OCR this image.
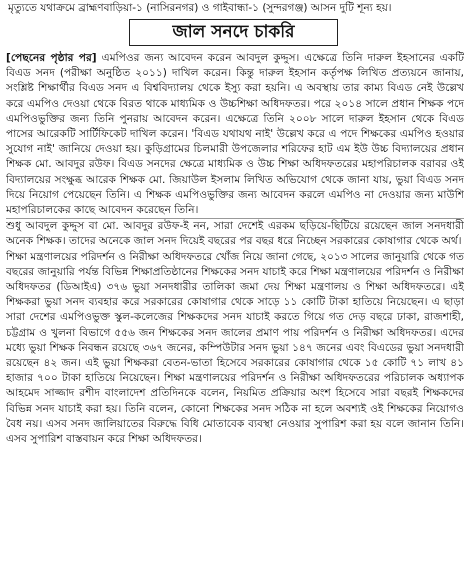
মৃত্যুতে যথাক্রমে ব্রাহ্মণবাড়িয়া-১ (নাসিরনগর) ও গাইবান্ধা-১ (সুন্দরগঞ্জ) আসন দুটি শূন্য হয়।
জাল সনদে চাকরি

[পেছনের পৃষ্ঠার পর] এমপিওর জন্য আবেদন করেন আবদুল কুদ্দুস। এক্ষেত্রে তিনি দারুল ইহসানের একটি বিএড সনদ (পরীক্ষা অনুষ্ঠিত ২০১১) দাখিল করেন। কিন্তু দারুল ইহসান কর্তৃপক্ষ লিখিত প্রত্যয়নে জানায়, সংশ্লিষ্ট শিক্ষার্থীর বিএড সনদ এ বিশ্ববিদ্যালয় থেকে ইস্যু করা হয়নি। এ অবস্থায় তার কাম্য বিএড নেই উল্লেখ করে এমপিও দেওয়া থেকে বিরত থাকে মাধ্যমিক ও উচ্চশিক্ষা অধিদফতর। পরে ২০১৪ সালে প্রধান শিক্ষক পদে এমপিওভুক্তির জন্য তিনি পুনরায় আবেদন করেন। এক্ষেত্রে তিনি ২০০৮ সালে দারুল ইহসান থেকে বিএড পাসের আরেকটি সার্টিফিকেট দাখিল করেন। 'বিএড যথাযথ নাই' উল্লেখ করে এ পদে শিক্ষকের এমপিও হওয়ার সুযোগ নাই' জানিয়ে দেওয়া হয়। কুড়িগ্রামের চিলমারী উপজেলার শরিফের হাট এম ইউ উচ্চ বিদ্যালয়ের প্রধান শিক্ষক মো. আবদুর রউফ। বিএড সনদের ক্ষেত্রে মাধ্যমিক ও উচ্চ শিক্ষা অধিদফতরের মহাপরিচালক বরাবর ওই বিদ্যালয়ের সংক্ষুব্ধ আরেক শিক্ষক মো. জিয়াউল ইসলাম লিখিত অভিযোগ থেকে জানা যায়, ভুয়া বিএড সনদ দিয়ে নিয়োগ পেয়েছেন তিনি। এ শিক্ষক এমপিওভুক্তির জন্য আবেদন করলে এমপিও না দেওয়ার জন্য মাউশি মহাপরিচালকের কাছে আবেদন করেছেন তিনি।

শুধু আবদুল কুদ্দুস বা মো. আবদুর রউফ-ই নন, সারা দেশেই এরকম ছড়িয়ে-ছিটিয়ে রয়েছেন জাল সনদধারী অনেক শিক্ষক। তাদের অনেকে জাল সনদ দিয়েই বছরের পর বছর ধরে নিচ্ছেন সরকারের কোষাগার থেকে অর্থ।

শিক্ষা মন্ত্রণালয়ের পরিদর্শন ও নিরীক্ষা অধিদফতরে খোঁজ নিয়ে জানা গেছে, ২০১৩ সালের জানুয়ারি থেকে গত বছরের জানুয়ারি পর্যন্ত বিভিন্ন শিক্ষাপ্রতিষ্ঠানের শিক্ষকের সনদ যাচাই করে শিক্ষা মন্ত্রণালয়ের পরিদর্শন ও নিরীক্ষা অধিদফতর (ডিআইএ) ৩৭৬ ভুয়া সনদধারীর তালিকা জমা দেয় শিক্ষা মন্ত্রণালয় ও শিক্ষা অধিদফতরে। এই শিক্ষকরা ভুয়া সনদ ব্যবহার করে সরকারের কোষাগার থেকে সাড়ে ১১ কোটি টাকা হাতিয়ে নিয়েছেন। এ ছাড়া সারা দেশের এমপিওভুক্ত স্কুল-কলেজের শিক্ষকদের সনদ যাচাই করতে গিয়ে গত দেড় বছরে ঢাকা, রাজশাহী, চট্টগ্রাম ও খুলনা বিভাগে ৫৫৬ জন শিক্ষকের সনদ জালের প্রমাণ পায় পরিদর্শন ও নিরীক্ষা অধিদফতর। এদের মধ্যে ভুয়া শিক্ষক নিবন্ধন রয়েছে ৩৬৭ জনের, কম্পিউটার সনদ ভুয়া ১৪৭ জনের এবং বিএডের ভুয়া সনদধারী রয়েছেন ৪২ জন। এই ভুয়া শিক্ষকরা বেতন-ভাতা হিসেবে সরকারের কোষাগার থেকে ১৫ কোটি ৭১ লাখ ৪১ হাজার ৭০০ টাকা হাতিয়ে নিয়েছেন। শিক্ষা মন্ত্রণালয়ের পরিদর্শন ও নিরীক্ষা অধিদফতরের পরিচালক অধ্যাপক আহমেদ সাজ্জাদ রশীদ বাংলাদেশ প্রতিদিনকে বলেন, নিয়মিত প্রক্রিয়ার অংশ হিসেবে সারা বছরই শিক্ষকদের বিভিন্ন সনদ যাচাই করা হয়। তিনি বলেন, কোনো শিক্ষকের সনদ সঠিক না হলে অবশ্যই ওই শিক্ষকের নিয়োগও বৈধ নয়। এসব সনদ জালিয়াতের বিরুদ্ধে বিধি মোতাবেক ব্যবস্থা নেওয়ার সুপারিশ করা হয় বলে জানান তিনি। এসব সুপারিশ বাস্তবায়ন করে শিক্ষা অধিদফতর।
